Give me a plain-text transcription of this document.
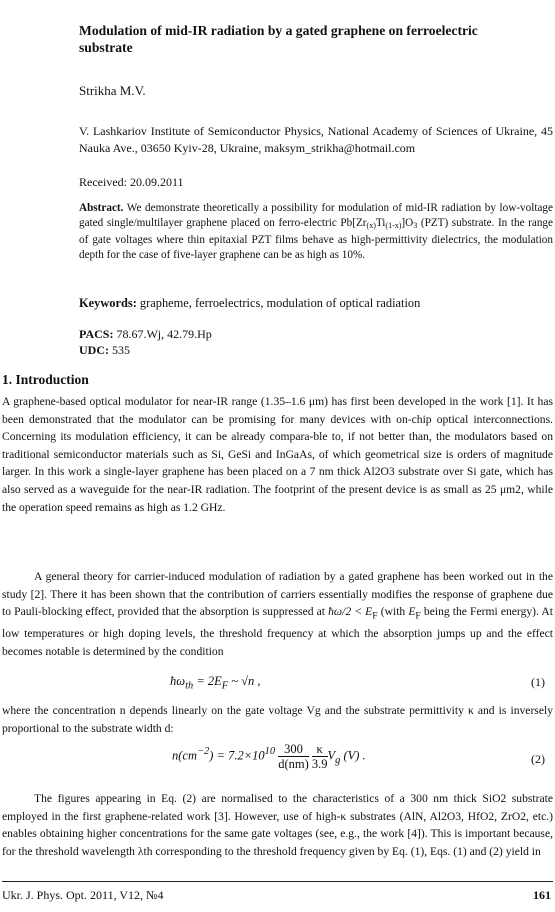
Modulation of mid-IR radiation by a gated graphene on ferroelectric substrate
Strikha M.V.
V. Lashkariov Institute of Semiconductor Physics, National Academy of Sciences of Ukraine, 45 Nauka Ave., 03650 Kyiv-28, Ukraine, maksym_strikha@hotmail.com
Received: 20.09.2011
Abstract. We demonstrate theoretically a possibility for modulation of mid-IR radiation by low-voltage gated single/multilayer graphene placed on ferro-electric $Pb[Zr_{(x)}Ti_{(1-x)}]O_3$ (PZT) substrate. In the range of gate voltages where thin epitaxial PZT films behave as high-permittivity dielectrics, the modulation depth for the case of five-layer graphene can be as high as 10%.
Keywords: grapheme, ferroelectrics, modulation of optical radiation
PACS: 78.67.Wj, 42.79.Hp
UDC: 535
1. Introduction
A graphene-based optical modulator for near-IR range (1.35–1.6 μm) has first been developed in the work [1]. It has been demonstrated that the modulator can be promising for many devices with on-chip optical interconnections. Concerning its modulation efficiency, it can be already compara-ble to, if not better than, the modulators based on traditional semiconductor materials such as Si, GeSi and InGaAs, of which geometrical size is orders of magnitude larger. In this work a single-layer graphene has been placed on a 7 nm thick Al2O3 substrate over Si gate, which has also served as a waveguide for the near-IR radiation. The footprint of the present device is as small as 25 μm2, while the operation speed remains as high as 1.2 GHz.
A general theory for carrier-induced modulation of radiation by a gated graphene has been worked out in the study [2]. There it has been shown that the contribution of carriers essentially modifies the response of graphene due to Pauli-blocking effect, provided that the absorption is suppressed at ħω/2 < $E_F$ (with $E_F$ being the Fermi energy). At low temperatures or high doping levels, the threshold frequency at which the absorption jumps up and the effect becomes notable is determined by the condition
$ħ\omega_{th} = 2E_F$ ~ √n ,	(1)
where the concentration n depends linearly on the gate voltage Vg and the substrate permittivity κ and is inversely proportional to the substrate width d:
$n(cm^{-2}) = 7.2\times 10^{10} \frac{300}{d(nm)}$
$\frac{\kappa}{3.9} V_g$ (V) .	(2)
The figures appearing in Eq. (2) are normalised to the characteristics of a 300 nm thick SiO2 substrate employed in the first graphene-related work [3]. However, use of high-κ substrates (AlN, Al2O3, HfO2, ZrO2, etc.) enables obtaining higher concentrations for the same gate voltages (see, e.g., the work [4]). This is important because, for the threshold wavelength λth corresponding to the threshold frequency given by Eq. (1), Eqs. (1) and (2) yield in
Ukr. J. Phys. Opt. 2011, V12, №4	161
